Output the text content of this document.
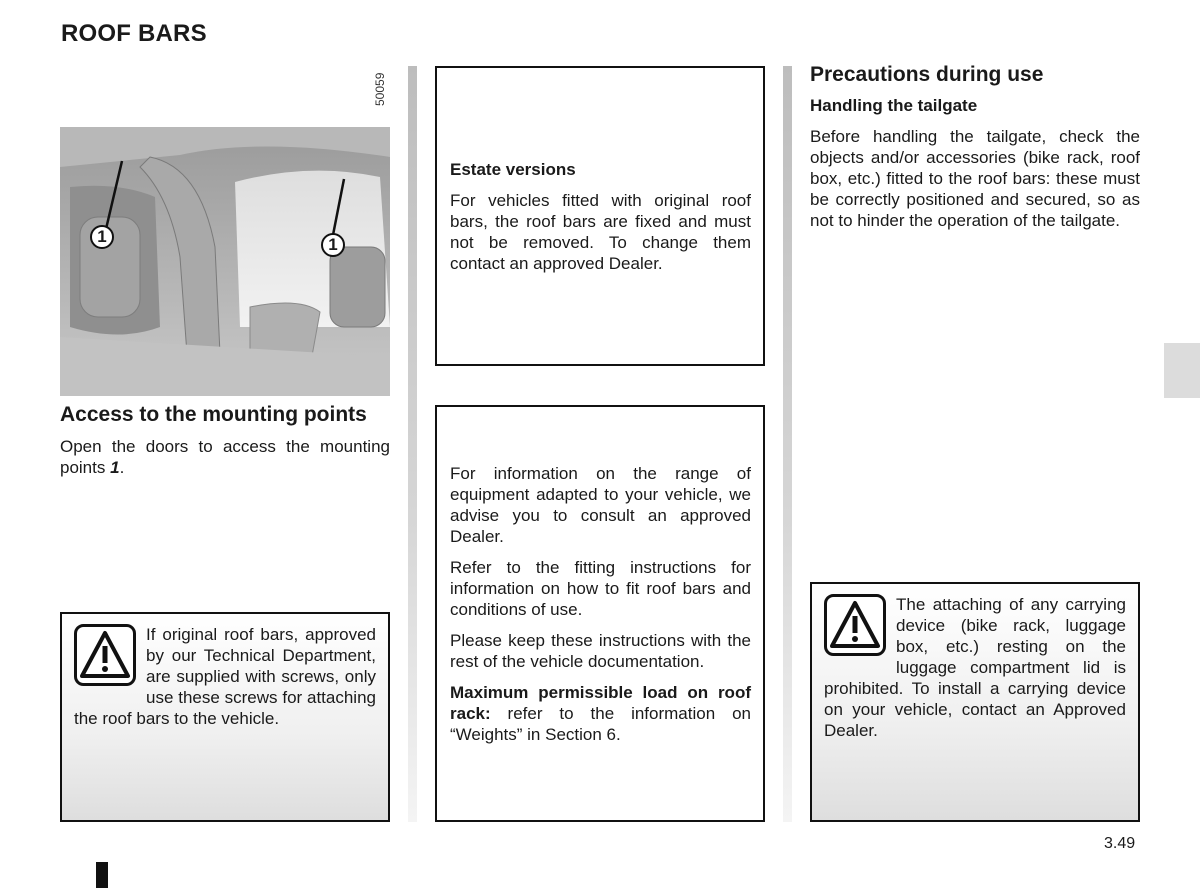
ROOF BARS
50059
1	1
Access to the mounting points

Open the doors to access the mounting points 1.

If original roof bars, approved by our Technical Department, are supplied with screws, only use these screws for attaching the roof bars to the vehicle.
Estate versions

For vehicles fitted with original roof bars, the roof bars are fixed and must not be removed. To change them contact an approved Dealer.

For information on the range of equipment adapted to your vehicle, we advise you to consult an approved Dealer.

Refer to the fitting instructions for information on how to fit roof bars and conditions of use.

Please keep these instructions with the rest of the vehicle documentation.

Maximum permissible load on roof rack: refer to the information on “Weights” in Section 6.

Precautions during use
Handling the tailgate

Before handling the tailgate, check the objects and/or accessories (bike rack, roof box, etc.) fitted to the roof bars: these must be correctly positioned and secured, so as not to hinder the operation of the tailgate.

The attaching of any carrying device (bike rack, luggage box, etc.) resting on the luggage compartment lid is prohibited. To install a carrying device on your vehicle, contact an Approved Dealer.
3.49
